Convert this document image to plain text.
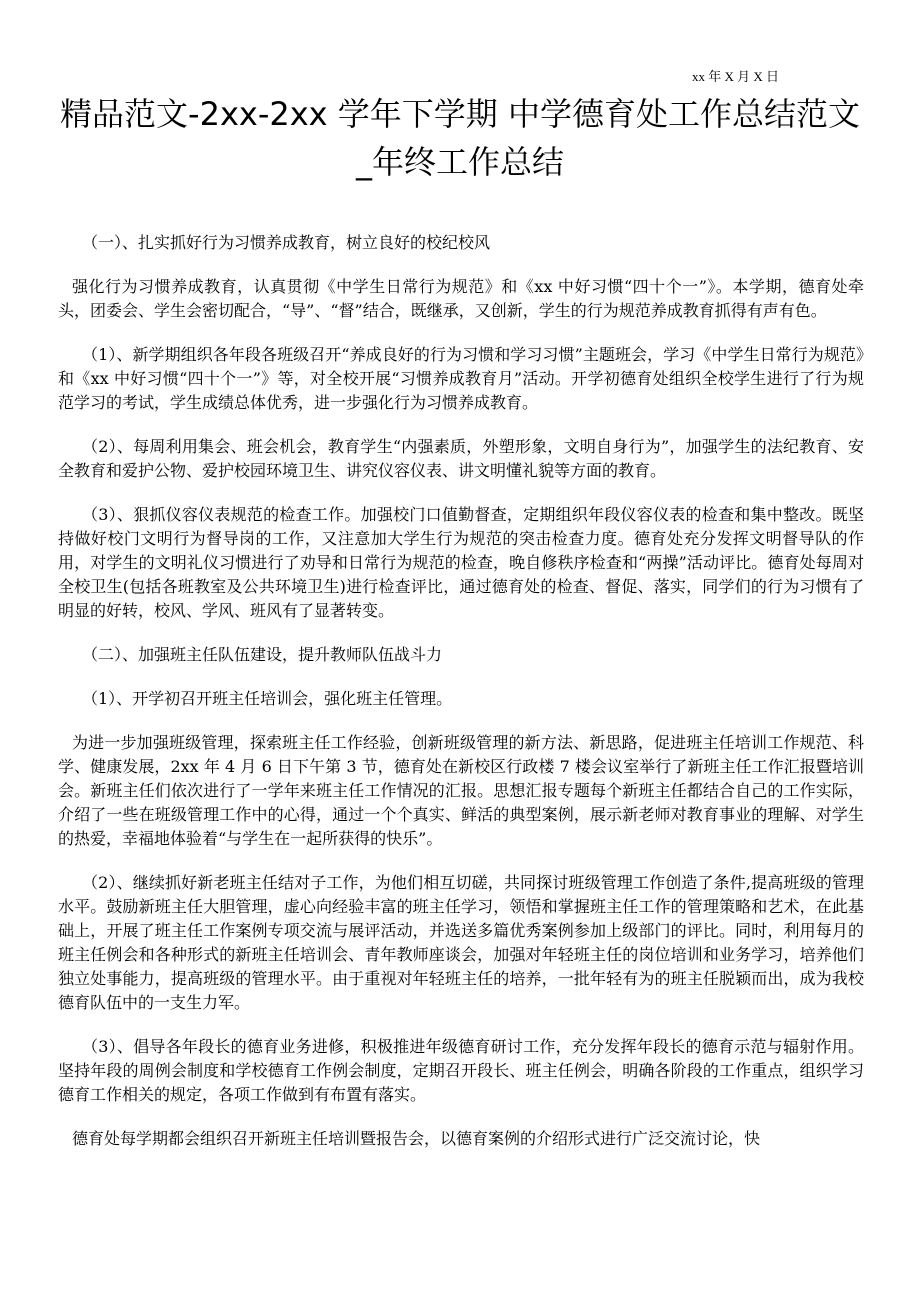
xx 年 X 月 X 日
精品范文-2xx-2xx 学年下学期 中学德育处工作总结范文_年终工作总结

（一）、扎实抓好行为习惯养成教育，树立良好的校纪校风

强化行为习惯养成教育，认真贯彻《中学生日常行为规范》和《xx 中好习惯“四十个一”》。本学期，德育处牵头，团委会、学生会密切配合，“导”、“督”结合，既继承，又创新，学生的行为规范养成教育抓得有声有色。

（1）、新学期组织各年段各班级召开“养成良好的行为习惯和学习习惯”主题班会，学习《中学生日常行为规范》和《xx 中好习惯“四十个一”》等，对全校开展“习惯养成教育月”活动。开学初德育处组织全校学生进行了行为规范学习的考试，学生成绩总体优秀，进一步强化行为习惯养成教育。

（2）、每周利用集会、班会机会，教育学生“内强素质，外塑形象，文明自身行为”，加强学生的法纪教育、安全教育和爱护公物、爱护校园环境卫生、讲究仪容仪表、讲文明懂礼貌等方面的教育。

（3）、狠抓仪容仪表规范的检查工作。加强校门口值勤督查，定期组织年段仪容仪表的检查和集中整改。既坚持做好校门文明行为督导岗的工作，又注意加大学生行为规范的突击检查力度。德育处充分发挥文明督导队的作用，对学生的文明礼仪习惯进行了劝导和日常行为规范的检查，晚自修秩序检查和“两操”活动评比。德育处每周对全校卫生(包括各班教室及公共环境卫生)进行检查评比，通过德育处的检查、督促、落实，同学们的行为习惯有了明显的好转，校风、学风、班风有了显著转变。

（二）、加强班主任队伍建设，提升教师队伍战斗力

（1）、开学初召开班主任培训会，强化班主任管理。

为进一步加强班级管理，探索班主任工作经验，创新班级管理的新方法、新思路，促进班主任培训工作规范、科学、健康发展，2xx 年 4 月 6 日下午第 3 节，德育处在新校区行政楼 7 楼会议室举行了新班主任工作汇报暨培训会。新班主任们依次进行了一学年来班主任工作情况的汇报。思想汇报专题每个新班主任都结合自己的工作实际，介绍了一些在班级管理工作中的心得，通过一个个真实、鲜活的典型案例，展示新老师对教育事业的理解、对学生的热爱，幸福地体验着“与学生在一起所获得的快乐”。

（2）、继续抓好新老班主任结对子工作，为他们相互切磋，共同探讨班级管理工作创造了条件,提高班级的管理水平。鼓励新班主任大胆管理，虚心向经验丰富的班主任学习，领悟和掌握班主任工作的管理策略和艺术，在此基础上，开展了班主任工作案例专项交流与展评活动，并选送多篇优秀案例参加上级部门的评比。同时，利用每月的班主任例会和各种形式的新班主任培训会、青年教师座谈会，加强对年轻班主任的岗位培训和业务学习，培养他们独立处事能力，提高班级的管理水平。由于重视对年轻班主任的培养，一批年轻有为的班主任脱颖而出，成为我校德育队伍中的一支生力军。

（3）、倡导各年段长的德育业务进修，积极推进年级德育研讨工作，充分发挥年段长的德育示范与辐射作用。坚持年段的周例会制度和学校德育工作例会制度，定期召开段长、班主任例会，明确各阶段的工作重点，组织学习德育工作相关的规定，各项工作做到有布置有落实。

德育处每学期都会组织召开新班主任培训暨报告会，以德育案例的介绍形式进行广泛交流讨论，快
